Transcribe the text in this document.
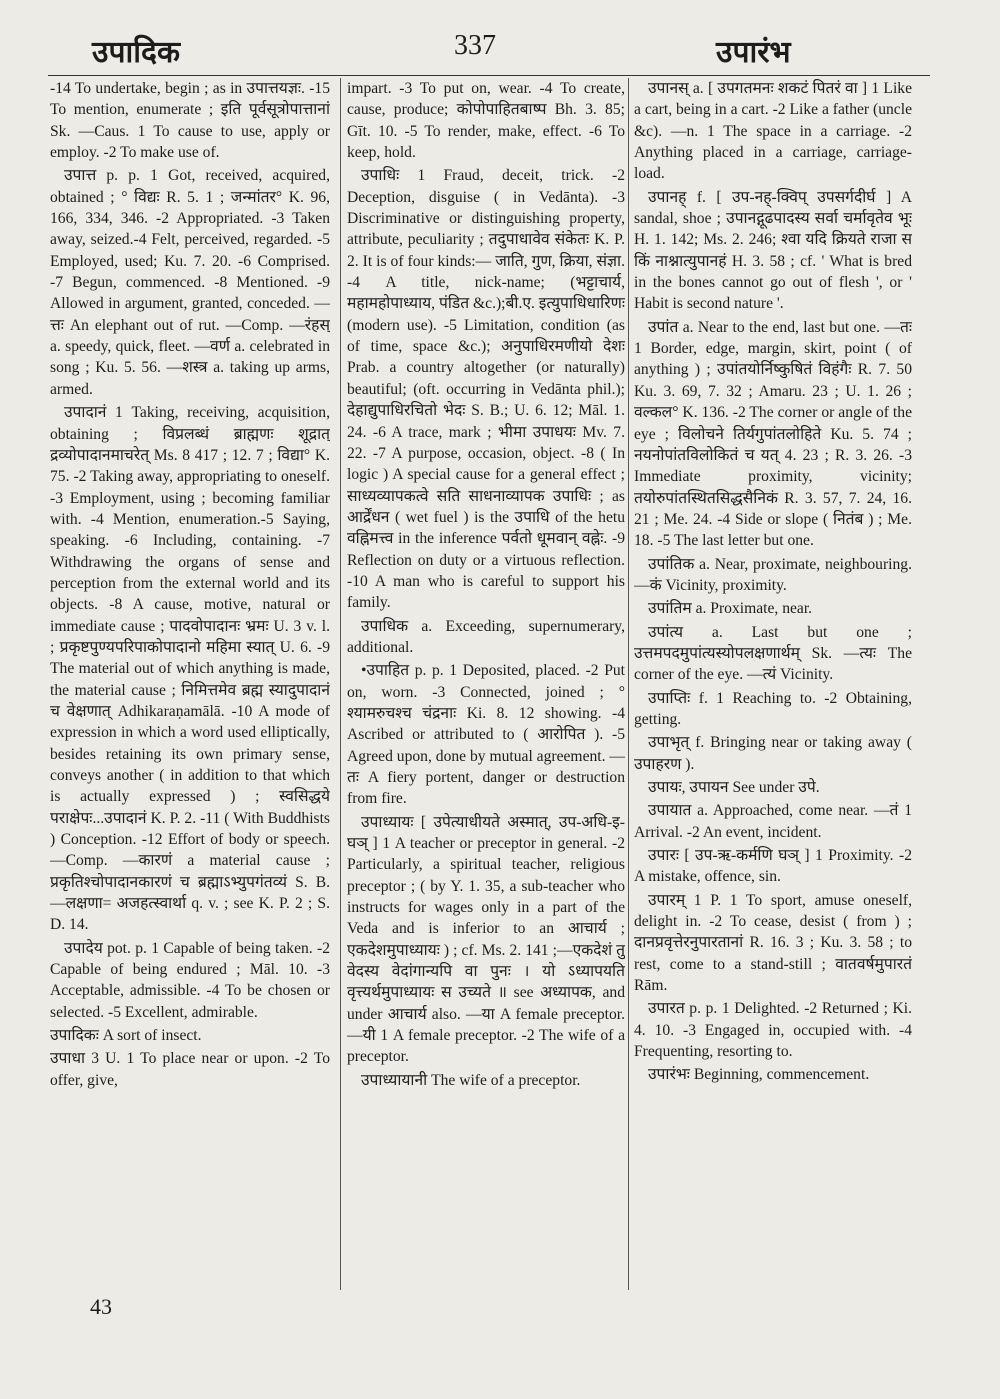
उपादिक	337	उपारंभ

-14 To undertake, begin ; as in उपात्तयज्ञः. -15 To mention, enumerate ; इति पूर्वसूत्रोपात्तानां Sk. —Caus. 1 To cause to use, apply or employ. -2 To make use of.

उपात्त p. p. 1 Got, received, acquired, obtained ; ° विद्यः R. 5. 1 ; जन्मांतर° K. 96, 166, 334, 346. -2 Appropriated. -3 Taken away, seized.-4 Felt, perceived, regarded. -5 Employed, used; Ku. 7. 20. -6 Comprised. -7 Begun, commenced. -8 Mentioned. -9 Allowed in argument, granted, conceded. —त्तः An elephant out of rut. —Comp. —रंहस् a. speedy, quick, fleet. —वर्ण a. celebrated in song ; Ku. 5. 56. —शस्त्र a. taking up arms, armed.

उपादानं 1 Taking, receiving, acquisition, obtaining ; विप्रलब्धं ब्राह्मणः शूद्रात् द्रव्योपादानमाचरेत् Ms. 8 417 ; 12. 7 ; विद्या° K. 75. -2 Taking away, appropriating to oneself. -3 Employment, using ; becoming familiar with. -4 Mention, enumeration.-5 Saying, speaking. -6 Including, containing. -7 Withdrawing the organs of sense and perception from the external world and its objects. -8 A cause, motive, natural or immediate cause ; पादवोपादानः भ्रमः U. 3 v. l. ; प्रकृष्टपुण्यपरिपाकोपादानो महिमा स्यात् U. 6. -9 The material out of which anything is made, the material cause ; निमित्तमेव ब्रह्म स्यादुपादानं च वेक्षणात् Adhikaraṇamālā. -10 A mode of expression in which a word used elliptically, besides retaining its own primary sense, conveys another ( in addition to that which is actually expressed ) ; स्वसिद्धये पराक्षेपः...उपादानं K. P. 2. -11 ( With Buddhists ) Conception. -12 Effort of body or speech. —Comp. —कारणं a material cause ; प्रकृतिश्चोपादानकारणं च ब्रह्माऽभ्युपगंतव्यं S. B. —लक्षणा= अजहत्स्वार्था q. v. ; see K. P. 2 ; S. D. 14.

उपादेय pot. p. 1 Capable of being taken. -2 Capable of being endured ; Māl. 10. -3 Acceptable, admissible. -4 To be chosen or selected. -5 Excellent, admirable.

उपादिकः A sort of insect.

उपाधा 3 U. 1 To place near or upon. -2 To offer, give,

impart. -3 To put on, wear. -4 To create, cause, produce; कोपोपाहितबाष्प Bh. 3. 85; Gīt. 10. -5 To render, make, effect. -6 To keep, hold.

उपाधिः 1 Fraud, deceit, trick. -2 Deception, disguise ( in Vedānta). -3 Discriminative or distinguishing property, attribute, peculiarity ; तदुपाधावेव संकेतः K. P. 2. It is of four kinds:— जाति, गुण, क्रिया, संज्ञा. -4 A title, nick-name; (भट्टाचार्य, महामहोपाध्याय, पंडित &c.);बी.ए. इत्युपाधिधारिणः (modern use). -5 Limitation, condition (as of time, space &c.); अनुपाधिरमणीयो देशः Prab. a country altogether (or naturally) beautiful; (oft. occurring in Vedānta phil.); देहाद्युपाधिरचितो भेदः S. B.; U. 6. 12; Māl. 1. 24. -6 A trace, mark ; भीमा उपाधयः Mv. 7. 22. -7 A purpose, occasion, object. -8 ( In logic ) A special cause for a general effect ; साध्यव्यापकत्वे सति साधनाव्यापक उपाधिः ; as आर्द्रेंधन ( wet fuel ) is the उपाधि of the hetu वह्निमत्त्व in the inference पर्वतो धूमवान् वह्नेः. -9 Reflection on duty or a virtuous reflection. -10 A man who is careful to support his family.

उपाधिक a. Exceeding, supernumerary, additional.

•उपाहित p. p. 1 Deposited, placed. -2 Put on, worn. -3 Connected, joined ; ° श्यामरुचश्च चंद्रनाः Ki. 8. 12 showing. -4 Ascribed or attributed to ( आरोपित ). -5 Agreed upon, done by mutual agreement. —तः A fiery portent, danger or destruction from fire.

उपाध्यायः [ उपेत्याधीयते अस्मात्, उप-अधि-इ-घञ् ] 1 A teacher or preceptor in general. -2 Particularly, a spiritual teacher, religious preceptor ; ( by Y. 1. 35, a sub-teacher who instructs for wages only in a part of the Veda and is inferior to an आचार्य ; एकदेशमुपाध्यायः ) ; cf. Ms. 2. 141 ;—एकदेशं तु वेदस्य वेदांगान्यपि वा पुनः । यो ऽध्यापयति वृत्त्यर्थमुपाध्यायः स उच्यते ॥ see अध्यापक, and under आचार्य also. —या A female preceptor. —यी 1 A female preceptor. -2 The wife of a preceptor.

उपाध्यायानी The wife of a preceptor.

उपानस् a. [ उपगतमनः शकटं पितरं वा ] 1 Like a cart, being in a cart. -2 Like a father (uncle &c). —n. 1 The space in a carriage. -2 Anything placed in a carriage, carriage-load.

उपानह् f. [ उप-नह्-क्विप् उपसर्गदीर्घ ] A sandal, shoe ; उपानद्गूढपादस्य सर्वा चर्मावृतेव भूः H. 1. 142; Ms. 2. 246; श्वा यदि क्रियते राजा स किं नाश्नात्युपानहं H. 3. 58 ; cf. ' What is bred in the bones cannot go out of flesh ', or ' Habit is second nature '.

उपांत a. Near to the end, last but one. —तः 1 Border, edge, margin, skirt, point ( of anything ) ; उपांतयोर्निष्कुषितं विहंगैः R. 7. 50 Ku. 3. 69, 7. 32 ; Amaru. 23 ; U. 1. 26 ; वल्कल° K. 136. -2 The corner or angle of the eye ; विलोचने तिर्यगुपांतलोहिते Ku. 5. 74 ; नयनोपांतविलोकितं च यत् 4. 23 ; R. 3. 26. -3 Immediate proximity, vicinity; तयोरुपांतस्थितसिद्धसैनिकं R. 3. 57, 7. 24, 16. 21 ; Me. 24. -4 Side or slope ( नितंब ) ; Me. 18. -5 The last letter but one.

उपांतिक a. Near, proximate, neighbouring. —कं Vicinity, proximity.

उपांतिम a. Proximate, near.

उपांत्य a. Last but one ; उत्तमपदमुपांत्यस्योपलक्षणार्थम् Sk. —त्यः The corner of the eye. —त्यं Vicinity.

उपाप्तिः f. 1 Reaching to. -2 Obtaining, getting.

उपाभृत् f. Bringing near or taking away ( उपाहरण ).

उपायः, उपायन See under उपे.

उपायात a. Approached, come near. —तं 1 Arrival. -2 An event, incident.

उपारः [ उप-ऋ-कर्मणि घञ् ] 1 Proximity. -2 A mistake, offence, sin.

उपारम् 1 P. 1 To sport, amuse oneself, delight in. -2 To cease, desist ( from ) ; दानप्रवृत्तेरनुपारतानां R. 16. 3 ; Ku. 3. 58 ; to rest, come to a stand-still ; वातवर्षमुपारतं Rām.

उपारत p. p. 1 Delighted. -2 Returned ; Ki. 4. 10. -3 Engaged in, occupied with. -4 Frequenting, resorting to.

उपारंभः Beginning, commencement.

43
